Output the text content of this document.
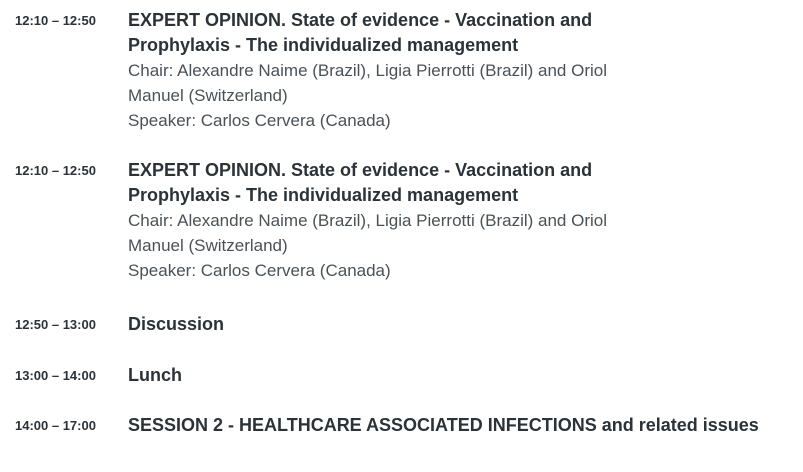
12:10 – 12:50	EXPERT OPINION. State of evidence - Vaccination and Prophylaxis - The individualized management
Chair: Alexandre Naime (Brazil), Ligia Pierrotti (Brazil) and Oriol Manuel (Switzerland)
Speaker: Carlos Cervera (Canada)
12:10 – 12:50	EXPERT OPINION. State of evidence - Vaccination and Prophylaxis - The individualized management
Chair: Alexandre Naime (Brazil), Ligia Pierrotti (Brazil) and Oriol Manuel (Switzerland)
Speaker: Carlos Cervera (Canada)
12:50 – 13:00	Discussion
13:00 – 14:00	Lunch
14:00 – 17:00	SESSION 2 - HEALTHCARE ASSOCIATED INFECTIONS and related issues
